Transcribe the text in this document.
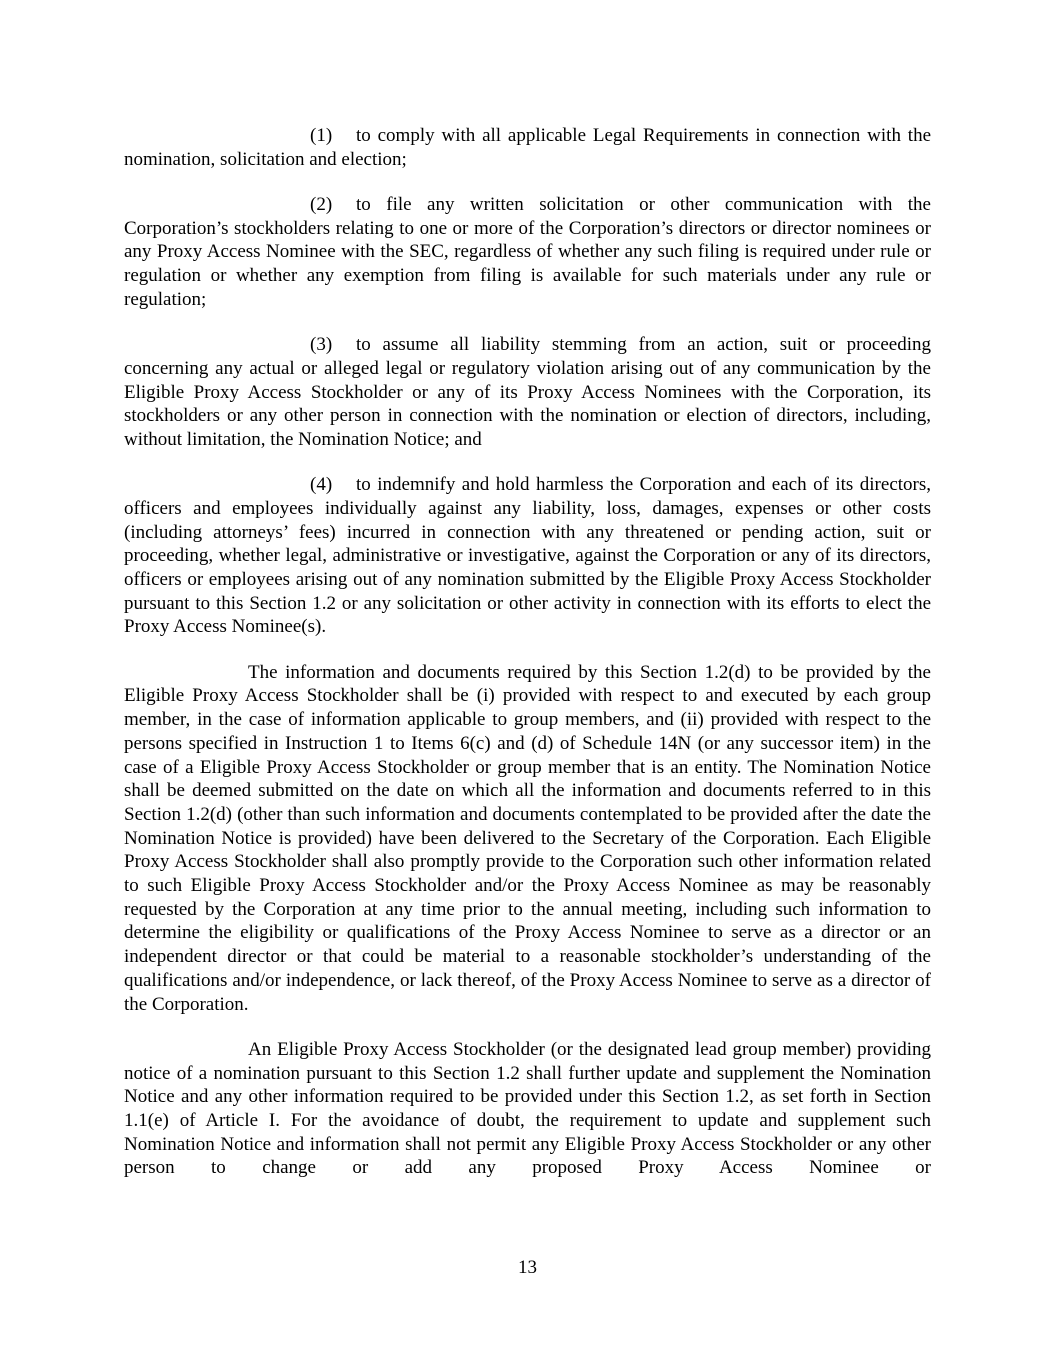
(1) to comply with all applicable Legal Requirements in connection with the nomination, solicitation and election;

(2) to file any written solicitation or other communication with the Corporation’s stockholders relating to one or more of the Corporation’s directors or director nominees or any Proxy Access Nominee with the SEC, regardless of whether any such filing is required under rule or regulation or whether any exemption from filing is available for such materials under any rule or regulation;

(3) to assume all liability stemming from an action, suit or proceeding concerning any actual or alleged legal or regulatory violation arising out of any communication by the Eligible Proxy Access Stockholder or any of its Proxy Access Nominees with the Corporation, its stockholders or any other person in connection with the nomination or election of directors, including, without limitation, the Nomination Notice; and

(4) to indemnify and hold harmless the Corporation and each of its directors, officers and employees individually against any liability, loss, damages, expenses or other costs (including attorneys’ fees) incurred in connection with any threatened or pending action, suit or proceeding, whether legal, administrative or investigative, against the Corporation or any of its directors, officers or employees arising out of any nomination submitted by the Eligible Proxy Access Stockholder pursuant to this Section 1.2 or any solicitation or other activity in connection with its efforts to elect the Proxy Access Nominee(s).

The information and documents required by this Section 1.2(d) to be provided by the Eligible Proxy Access Stockholder shall be (i) provided with respect to and executed by each group member, in the case of information applicable to group members, and (ii) provided with respect to the persons specified in Instruction 1 to Items 6(c) and (d) of Schedule 14N (or any successor item) in the case of a Eligible Proxy Access Stockholder or group member that is an entity. The Nomination Notice shall be deemed submitted on the date on which all the information and documents referred to in this Section 1.2(d) (other than such information and documents contemplated to be provided after the date the Nomination Notice is provided) have been delivered to the Secretary of the Corporation. Each Eligible Proxy Access Stockholder shall also promptly provide to the Corporation such other information related to such Eligible Proxy Access Stockholder and/or the Proxy Access Nominee as may be reasonably requested by the Corporation at any time prior to the annual meeting, including such information to determine the eligibility or qualifications of the Proxy Access Nominee to serve as a director or an independent director or that could be material to a reasonable stockholder’s understanding of the qualifications and/or independence, or lack thereof, of the Proxy Access Nominee to serve as a director of the Corporation.

An Eligible Proxy Access Stockholder (or the designated lead group member) providing notice of a nomination pursuant to this Section 1.2 shall further update and supplement the Nomination Notice and any other information required to be provided under this Section 1.2, as set forth in Section 1.1(e) of Article I. For the avoidance of doubt, the requirement to update and supplement such Nomination Notice and information shall not permit any Eligible Proxy Access Stockholder or any other person to change or add any proposed Proxy Access Nominee or

13
